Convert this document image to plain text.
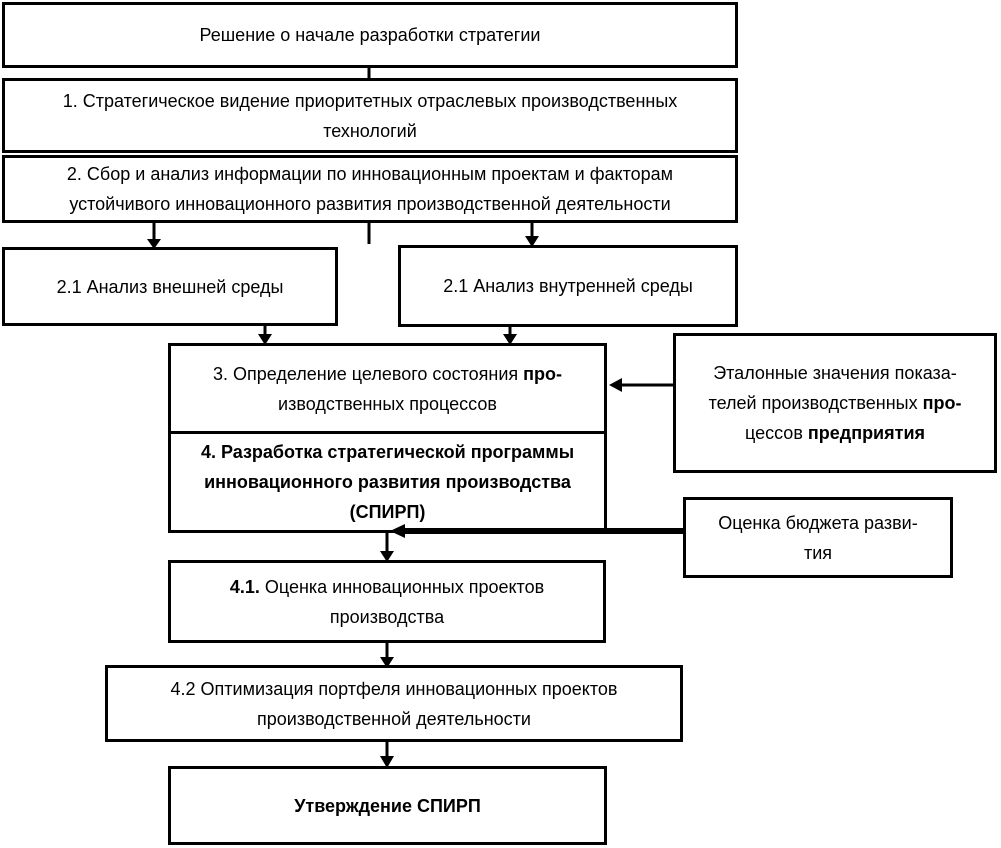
Решение о начале разработки стратегии
1. Стратегическое видение приоритетных отраслевых производственных
технологий
2. Сбор и анализ информации по инновационным проектам и факторам
устойчивого инновационного развития производственной деятельности
2.1 Анализ внешней среды	2.1 Анализ внутренней среды
3. Определение целевого состояния про-
изводственных процессов
4. Разработка стратегической программы
инновационного развития производства
(СПИРП)
Эталонные значения показа-
телей производственных про-
цессов предприятия
Оценка бюджета разви-
тия
4.1. Оценка инновационных проектов
производства
4.2 Оптимизация портфеля инновационных проектов
производственной деятельности
Утверждение СПИРП
